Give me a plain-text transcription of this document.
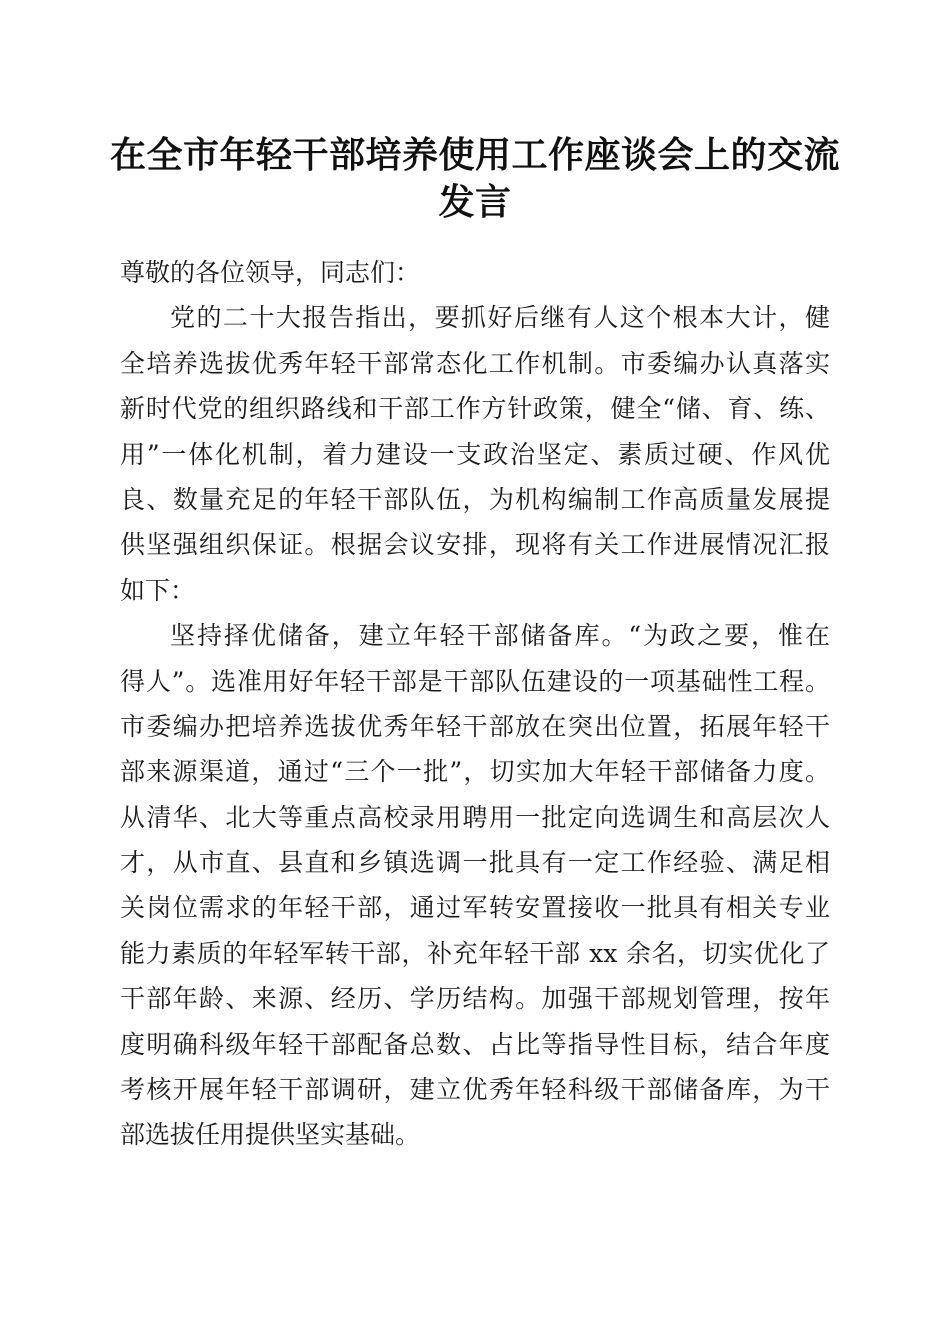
在全市年轻干部培养使用工作座谈会上的交流
发言
尊敬的各位领导，同志们：
党的二十大报告指出，要抓好后继有人这个根本大计，健
全培养选拔优秀年轻干部常态化工作机制。市委编办认真落实
新时代党的组织路线和干部工作方针政策，健全“储、育、练、
用”一体化机制，着力建设一支政治坚定、素质过硬、作风优
良、数量充足的年轻干部队伍，为机构编制工作高质量发展提
供坚强组织保证。根据会议安排，现将有关工作进展情况汇报
如下：
坚持择优储备，建立年轻干部储备库。“为政之要，惟在
得人”。选准用好年轻干部是干部队伍建设的一项基础性工程。
市委编办把培养选拔优秀年轻干部放在突出位置，拓展年轻干
部来源渠道，通过“三个一批”，切实加大年轻干部储备力度。
从清华、北大等重点高校录用聘用一批定向选调生和高层次人
才，从市直、县直和乡镇选调一批具有一定工作经验、满足相
关岗位需求的年轻干部，通过军转安置接收一批具有相关专业
能力素质的年轻军转干部，补充年轻干部 xx 余名，切实优化了
干部年龄、来源、经历、学历结构。加强干部规划管理，按年
度明确科级年轻干部配备总数、占比等指导性目标，结合年度
考核开展年轻干部调研，建立优秀年轻科级干部储备库，为干
部选拔任用提供坚实基础。
